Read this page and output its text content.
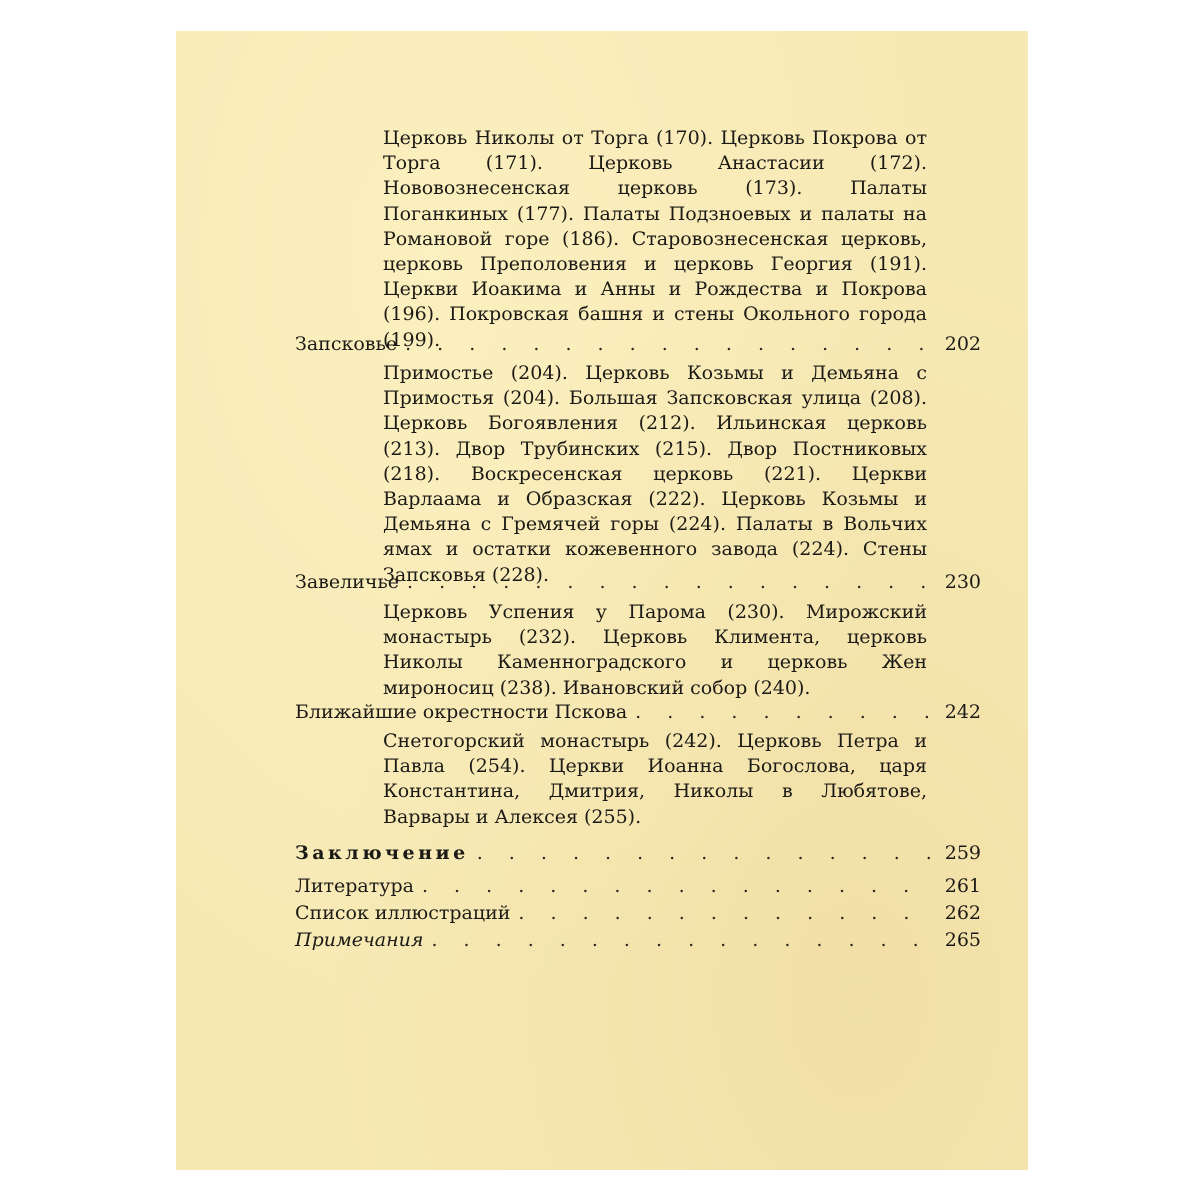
Церковь Николы от Торга (170). Церковь Покрова от Торга (171). Церковь Анастасии (172). Нововознесенская церковь (173). Палаты Поганкиных (177). Палаты Подзноевых и палаты на Романовой горе (186). Старовознесенская церковь, церковь Преполовения и церковь Георгия (191). Церкви Иоакима и Анны и Рождества и Покрова (196). Покровская башня и стены Окольного города (199).

Запсковье . . .	202

Примостье (204). Церковь Козьмы и Демьяна с Примостья (204). Большая Запсковская улица (208). Церковь Богоявления (212). Ильинская церковь (213). Двор Трубинских (215). Двор Постниковых (218). Воскресенская церковь (221). Церкви Варлаама и Образская (222). Церковь Козьмы и Демьяна с Гремячей горы (224). Палаты в Вольчих ямах и остатки кожевенного завода (224). Стены Запсковья (228).

Завеличье . . .	230

Церковь Успения у Парома (230). Мирожский монастырь (232). Церковь Климента, церковь Николы Каменноградского и церковь Жен мироносиц (238). Ивановский собор (240).

Ближайшие окрестности Пскова . . .	242

Снетогорский монастырь (242). Церковь Петра и Павла (254). Церкви Иоанна Богослова, царя Константина, Дмитрия, Николы в Любятове, Варвары и Алексея (255).

Заключение . . .	259
Литература . . .	261
Список иллюстраций . . .	262
Примечания . . .	265
